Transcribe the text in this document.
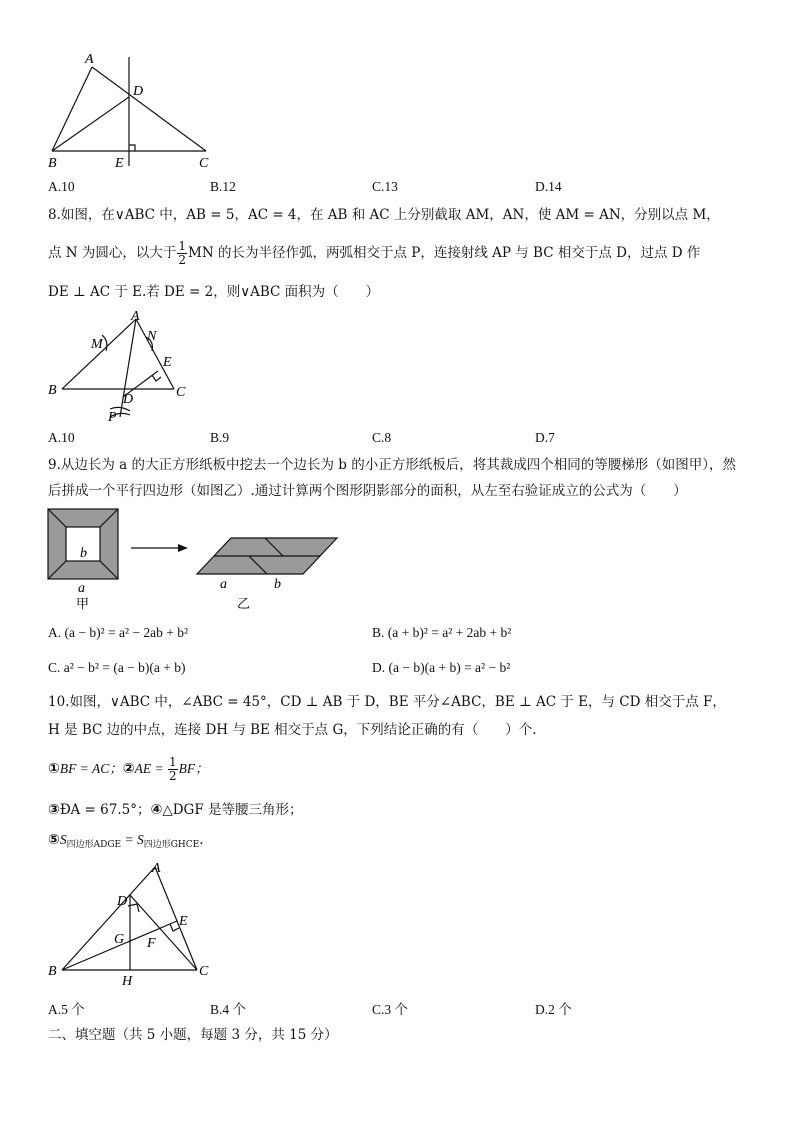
A
D
B	E	C
A.10	B.12	C.13	D.14
8.如图，在∨ABC 中，AB = 5，AC = 4，在 AB 和 AC 上分别截取 AM，AN，使 AM = AN，分别以点 M，
点 N 为圆心，以大于 $\frac{1}{2}$ MN 的长为半径作弧，两弧相交于点 P，连接射线 AP 与 BC 相交于点 D，过点 D 作
DE ⊥ AC 于 E.若 DE = 2，则∨ABC 面积为（　　）
A
M
N
E
B	C
D
P
A.10	B.9	C.8	D.7
9.从边长为 a 的大正方形纸板中挖去一个边长为 b 的小正方形纸板后，将其裁成四个相同的等腰梯形（如图甲），然
后拼成一个平行四边形（如图乙）.通过计算两个图形阴影部分的面积，从左至右验证成立的公式为（　　）
b
a
甲
a	b
乙
A. (a − b)² = a² − 2ab + b²	B. (a + b)² = a² + 2ab + b²
C. a² − b² = (a − b)(a + b)	D. (a − b)(a + b) = a² − b²
10.如图，∨ABC 中，∠ABC = 45°，CD ⊥ AB 于 D，BE 平分∠ABC，BE ⊥ AC 于 E，与 CD 相交于点 F，
H 是 BC 边的中点，连接 DH 与 BE 相交于点 G，下列结论正确的有（　　）个.
①BF = AC；②AE = $\frac{1}{2}$ BF；
③ÐA = 67.5°；④△DGF 是等腰三角形；
$⑤S_{四边形ADGE} = S_{四边形GHCE}$.
A
D
E
G F
B
H
C
A.5 个	B.4 个	C.3 个	D.2 个
二、填空题（共 5 小题，每题 3 分，共 15 分）
